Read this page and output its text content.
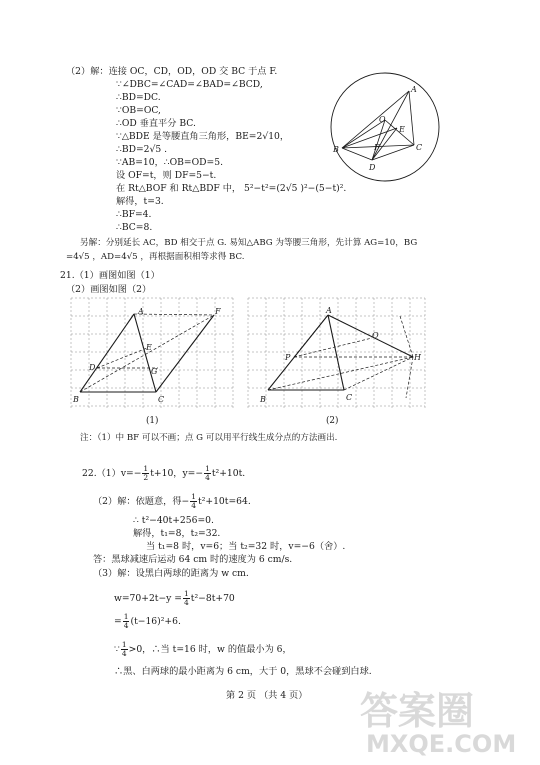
（2）解：连接 OC，CD，OD，OD 交 BC 于点 F.
∵∠DBC=∠CAD=∠BAD=∠BCD,
∴BD=DC.
∵OB=OC,
∴OD 垂直平分 BC.
∵△BDE 是等腰直角三角形，BE=2√10，
∴BD=2√5 .
∵AB=10，∴OB=OD=5.
设 OF=t，则 DF=5−t.
在 Rt△BOF 和 Rt△BDF 中， 5²−t²=(2√5 )²−(5−t)².
解得，t=3.
∴BF=4.
∴BC=8.
另解：分别延长 AC，BD 相交于点 G. 易知△ABG 为等腰三角形，先计算 AG=10，BG
=4√5 ，AD=4√5 ，再根据面积相等求得 BC.
A
O
E
B	F	C
D
21.（1）画图如图（1）
（2）画图如图（2）
A	F
E
D	G
B	C
A
Q
H
P
B	C
(1)	(2)
注：（1）中 BF 可以不画；点 G 可以用平行线生成分点的方法画出.
$22.(1)v=- \frac{1}{2} t+10$，$y=- \frac{1}{4} t^2+10t$.
（2）解：依题意，得− $\frac{1}{4} t^2+10t=64$.
∴ t²−40t+256=0.
解得，t₁=8，t₂=32.
当 t₁=8 时，v=6；当 t₂=32 时，v=−6（舍）.
答：黑球减速后运动 64 cm 时的速度为 6 cm/s.
（3）解：设黑白两球的距离为 w cm.
$w=70+2t-y = \frac{1}{4} t^2-8t+70$
= $\frac{1}{4} (t-16)^2+6$.
∵ $\frac{1}{4} >0$，∴当 t=16 时，w 的值最小为 6，
∴黑、白两球的最小距离为 6 cm，大于 0，黑球不会碰到白球.
第 2 页 （共 4 页） 答案圈
MXQE.COM
